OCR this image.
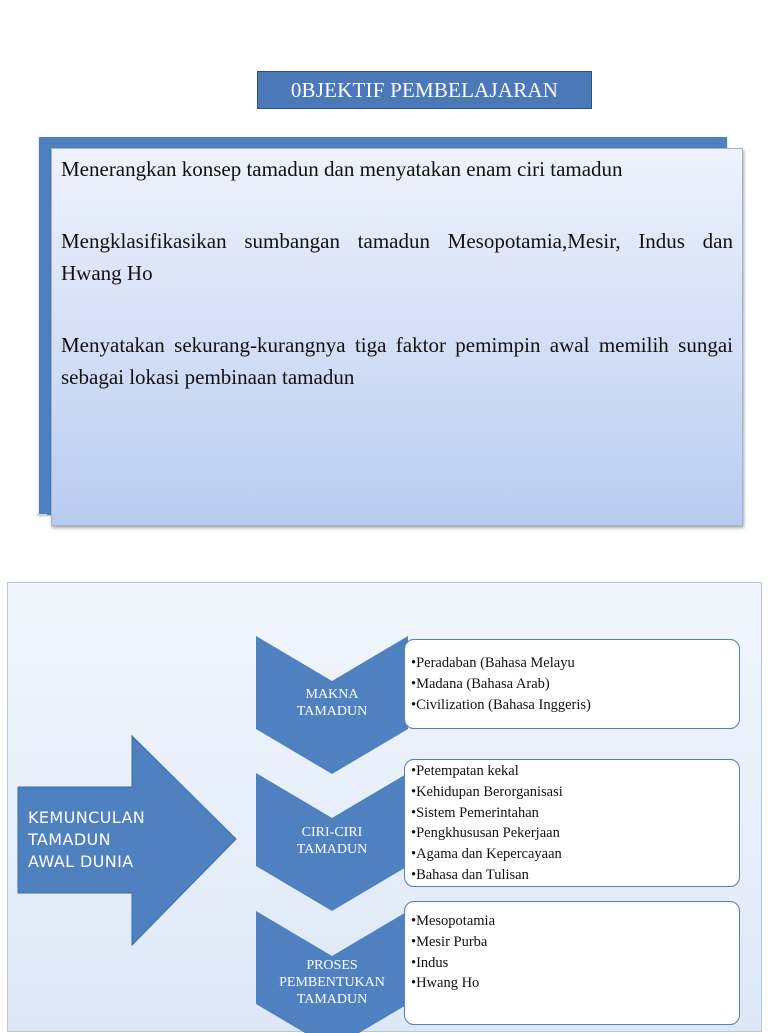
0BJEKTIF PEMBELAJARAN

Menerangkan konsep tamadun dan menyatakan enam ciri tamadun

Mengklasifikasikan sumbangan tamadun Mesopotamia,Mesir, Indus dan Hwang Ho

Menyatakan sekurang-kurangnya tiga faktor pemimpin awal memilih sungai sebagai lokasi pembinaan tamadun

KEMUNCULAN
TAMADUN
AWAL DUNIA
MAKNA
TAMADUN
CIRI-CIRI
TAMADUN
PROSES
PEMBENTUKAN
TAMADUN
•Peradaban (Bahasa Melayu
•Madana (Bahasa Arab)
•Civilization (Bahasa Inggeris)
•Petempatan kekal
•Kehidupan Berorganisasi
•Sistem Pemerintahan
•Pengkhususan Pekerjaan
•Agama dan Kepercayaan
•Bahasa dan Tulisan
•Mesopotamia
•Mesir Purba
•Indus
•Hwang Ho
